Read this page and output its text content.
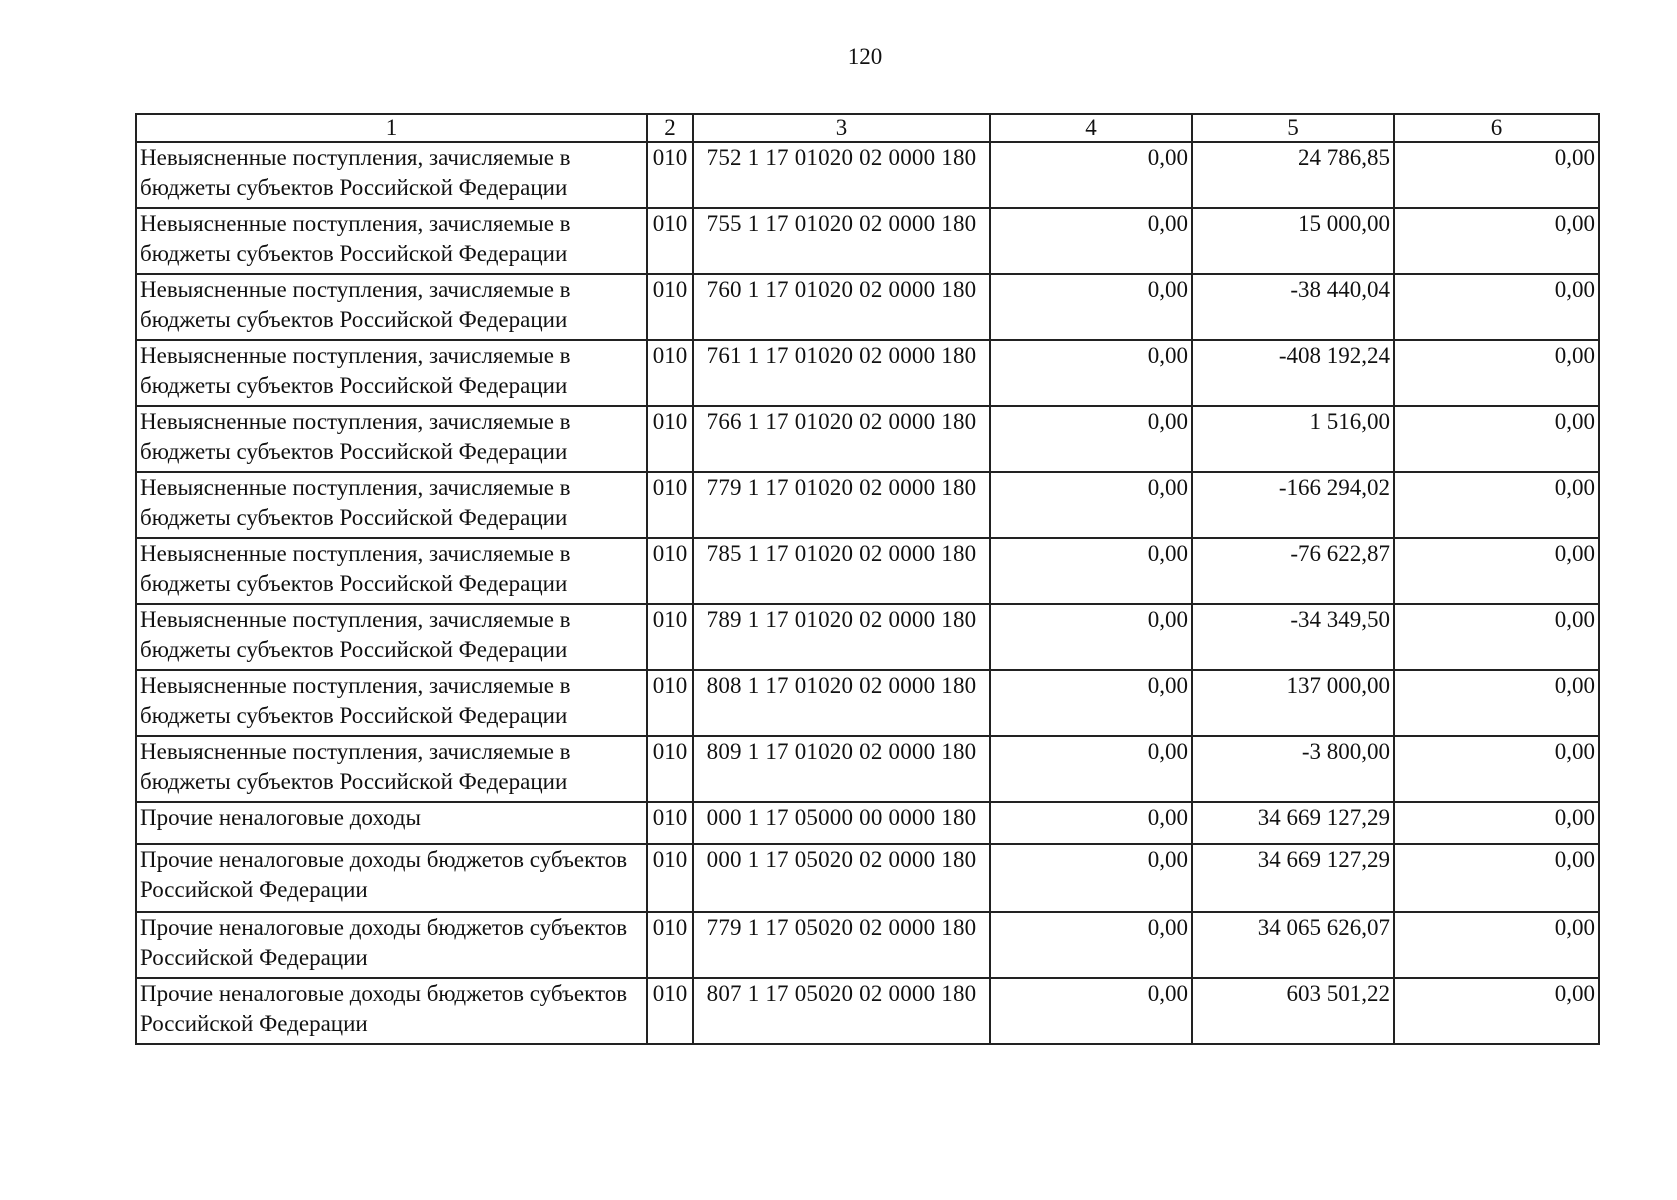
120
1	2	3	4	5	6
Невыясненные поступления, зачисляемые в бюджеты субъектов Российской Федерации	010	752 1 17 01020 02 0000 180	0,00	24 786,85	0,00
Невыясненные поступления, зачисляемые в бюджеты субъектов Российской Федерации	010	755 1 17 01020 02 0000 180	0,00	15 000,00	0,00
Невыясненные поступления, зачисляемые в бюджеты субъектов Российской Федерации	010	760 1 17 01020 02 0000 180	0,00	-38 440,04	0,00
Невыясненные поступления, зачисляемые в бюджеты субъектов Российской Федерации	010	761 1 17 01020 02 0000 180	0,00	-408 192,24	0,00
Невыясненные поступления, зачисляемые в бюджеты субъектов Российской Федерации	010	766 1 17 01020 02 0000 180	0,00	1 516,00	0,00
Невыясненные поступления, зачисляемые в бюджеты субъектов Российской Федерации	010	779 1 17 01020 02 0000 180	0,00	-166 294,02	0,00
Невыясненные поступления, зачисляемые в бюджеты субъектов Российской Федерации	010	785 1 17 01020 02 0000 180	0,00	-76 622,87	0,00
Невыясненные поступления, зачисляемые в бюджеты субъектов Российской Федерации	010	789 1 17 01020 02 0000 180	0,00	-34 349,50	0,00
Невыясненные поступления, зачисляемые в бюджеты субъектов Российской Федерации	010	808 1 17 01020 02 0000 180	0,00	137 000,00	0,00
Невыясненные поступления, зачисляемые в бюджеты субъектов Российской Федерации	010	809 1 17 01020 02 0000 180	0,00	-3 800,00	0,00
Прочие неналоговые доходы	010	000 1 17 05000 00 0000 180	0,00	34 669 127,29	0,00
Прочие неналоговые доходы бюджетов субъектов Российской Федерации	010	000 1 17 05020 02 0000 180	0,00	34 669 127,29	0,00
Прочие неналоговые доходы бюджетов субъектов Российской Федерации	010	779 1 17 05020 02 0000 180	0,00	34 065 626,07	0,00
Прочие неналоговые доходы бюджетов субъектов Российской Федерации	010	807 1 17 05020 02 0000 180	0,00	603 501,22	0,00
